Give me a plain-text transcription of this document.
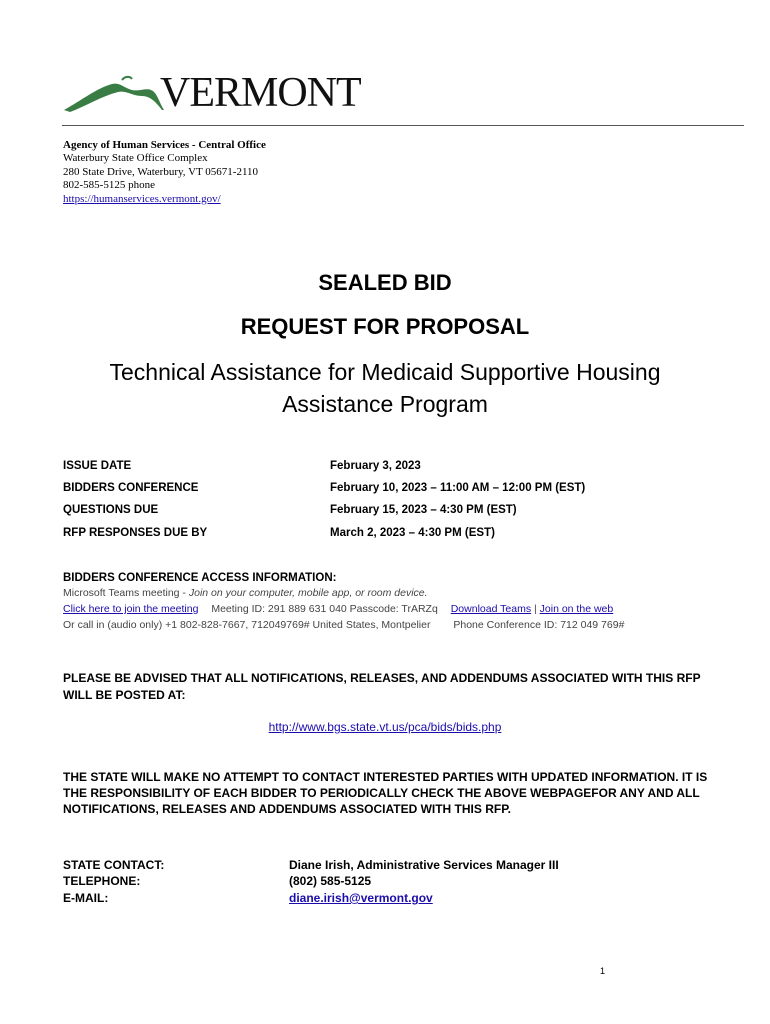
VERMONT
Agency of Human Services - Central Office
Waterbury State Office Complex
280 State Drive, Waterbury, VT 05671-2110
802-585-5125 phone
https://humanservices.vermont.gov/
SEALED BID
REQUEST FOR PROPOSAL
Technical Assistance for Medicaid Supportive Housing
Assistance Program
ISSUE DATE	February 3, 2023
BIDDERS CONFERENCE	February 10, 2023 – 11:00 AM – 12:00 PM (EST)
QUESTIONS DUE	February 15, 2023 – 4:30 PM (EST)
RFP RESPONSES DUE BY	March 2, 2023 – 4:30 PM (EST)
BIDDERS CONFERENCE ACCESS INFORMATION:
Microsoft Teams meeting - Join on your computer, mobile app, or room device.
Click here to join the meeting Meeting ID: 291 889 631 040 Passcode: TrARZq Download Teams | Join on the web
Or call in (audio only) +1 802-828-7667, 712049769# United States, Montpelier Phone Conference ID: 712 049 769#
PLEASE BE ADVISED THAT ALL NOTIFICATIONS, RELEASES, AND ADDENDUMS ASSOCIATED WITH THIS RFP WILL BE POSTED AT:
http://www.bgs.state.vt.us/pca/bids/bids.php
THE STATE WILL MAKE NO ATTEMPT TO CONTACT INTERESTED PARTIES WITH UPDATED INFORMATION. IT IS THE RESPONSIBILITY OF EACH BIDDER TO PERIODICALLY CHECK THE ABOVE WEBPAGEFOR ANY AND ALL NOTIFICATIONS, RELEASES AND ADDENDUMS ASSOCIATED WITH THIS RFP.
STATE CONTACT:	Diane Irish, Administrative Services Manager III
TELEPHONE:	(802) 585-5125
E-MAIL:	diane.irish@vermont.gov
1
